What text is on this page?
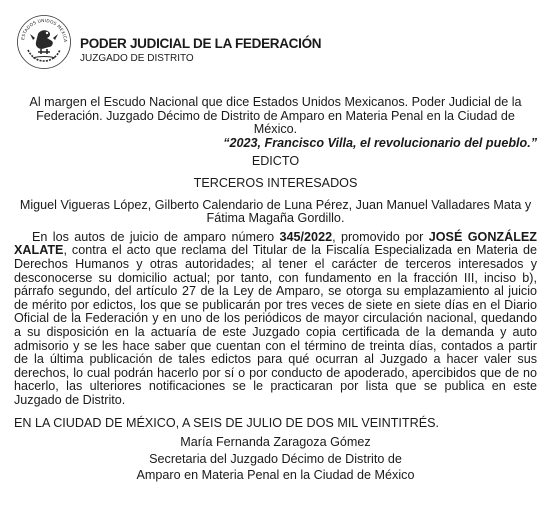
ESTADOS UNIDOS MEXICA PODER JUDICIAL DE LA FEDERACIÓN
JUZGADO DE DISTRITO

Al margen el Escudo Nacional que dice Estados Unidos Mexicanos. Poder Judicial de la Federación. Juzgado Décimo de Distrito de Amparo en Materia Penal en la Ciudad de México.

“2023, Francisco Villa, el revolucionario del pueblo.”

EDICTO

TERCEROS INTERESADOS

Miguel Vigueras López, Gilberto Calendario de Luna Pérez, Juan Manuel Valladares Mata y Fátima Magaña Gordillo.

En los autos de juicio de amparo número 345/2022, promovido por JOSÉ GONZÁLEZ XALATE, contra el acto que reclama del Titular de la Fiscalía Especializada en Materia de Derechos Humanos y otras autoridades; al tener el carácter de terceros interesados y desconocerse su domicilio actual; por tanto, con fundamento en la fracción III, inciso b), párrafo segundo, del artículo 27 de la Ley de Amparo, se otorga su emplazamiento al juicio de mérito por edictos, los que se publicarán por tres veces de siete en siete días en el Diario Oficial de la Federación y en uno de los periódicos de mayor circulación nacional, quedando a su disposición en la actuaría de este Juzgado copia certificada de la demanda y auto admisorio y se les hace saber que cuentan con el término de treinta días, contados a partir de la última publicación de tales edictos para qué ocurran al Juzgado a hacer valer sus derechos, lo cual podrán hacerlo por sí o por conducto de apoderado, apercibidos que de no hacerlo, las ulteriores notificaciones se le practicaran por lista que se publica en este Juzgado de Distrito.

EN LA CIUDAD DE MÉXICO, A SEIS DE JULIO DE DOS MIL VEINTITRÉS.

María Fernanda Zaragoza Gómez

Secretaria del Juzgado Décimo de Distrito de

Amparo en Materia Penal en la Ciudad de México
